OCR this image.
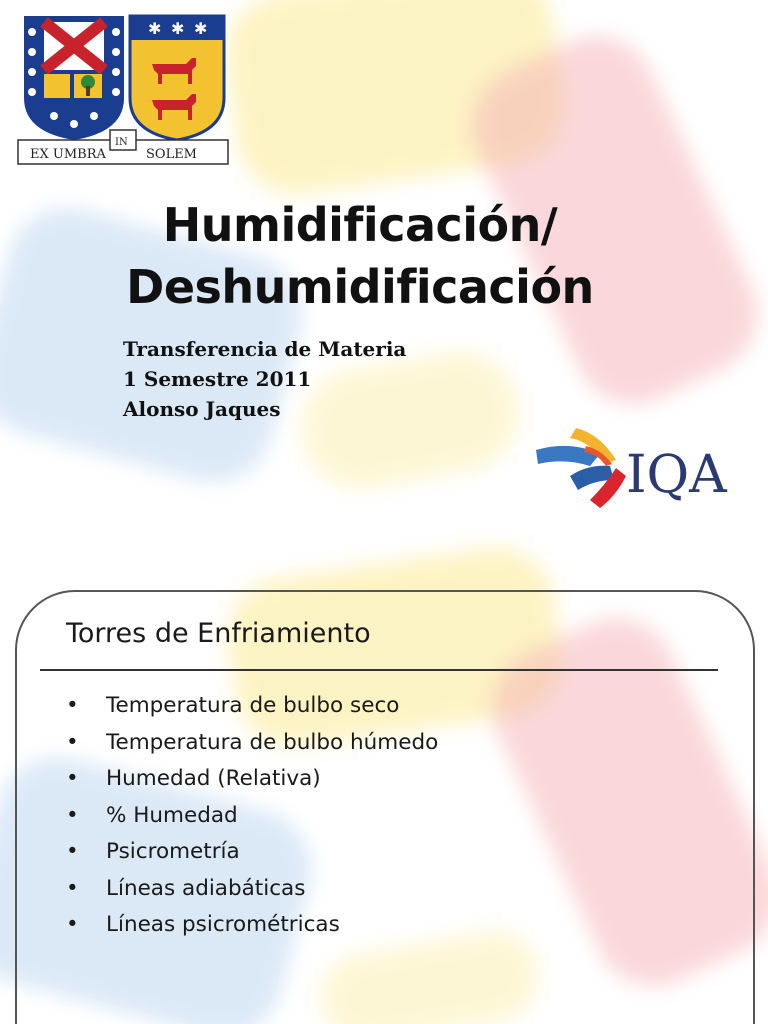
✱ ✱ ✱
EX UMBRA
IN
SOLEM
Humidificación/
Deshumidificación
Transferencia de Materia
1 Semestre 2011
Alonso Jaques
IQA
Torres de Enfriamiento
• Temperatura de bulbo seco
• Temperatura de bulbo húmedo
• Humedad (Relativa)
• % Humedad
• Psicrometría
• Líneas adiabáticas
• Líneas psicrométricas
